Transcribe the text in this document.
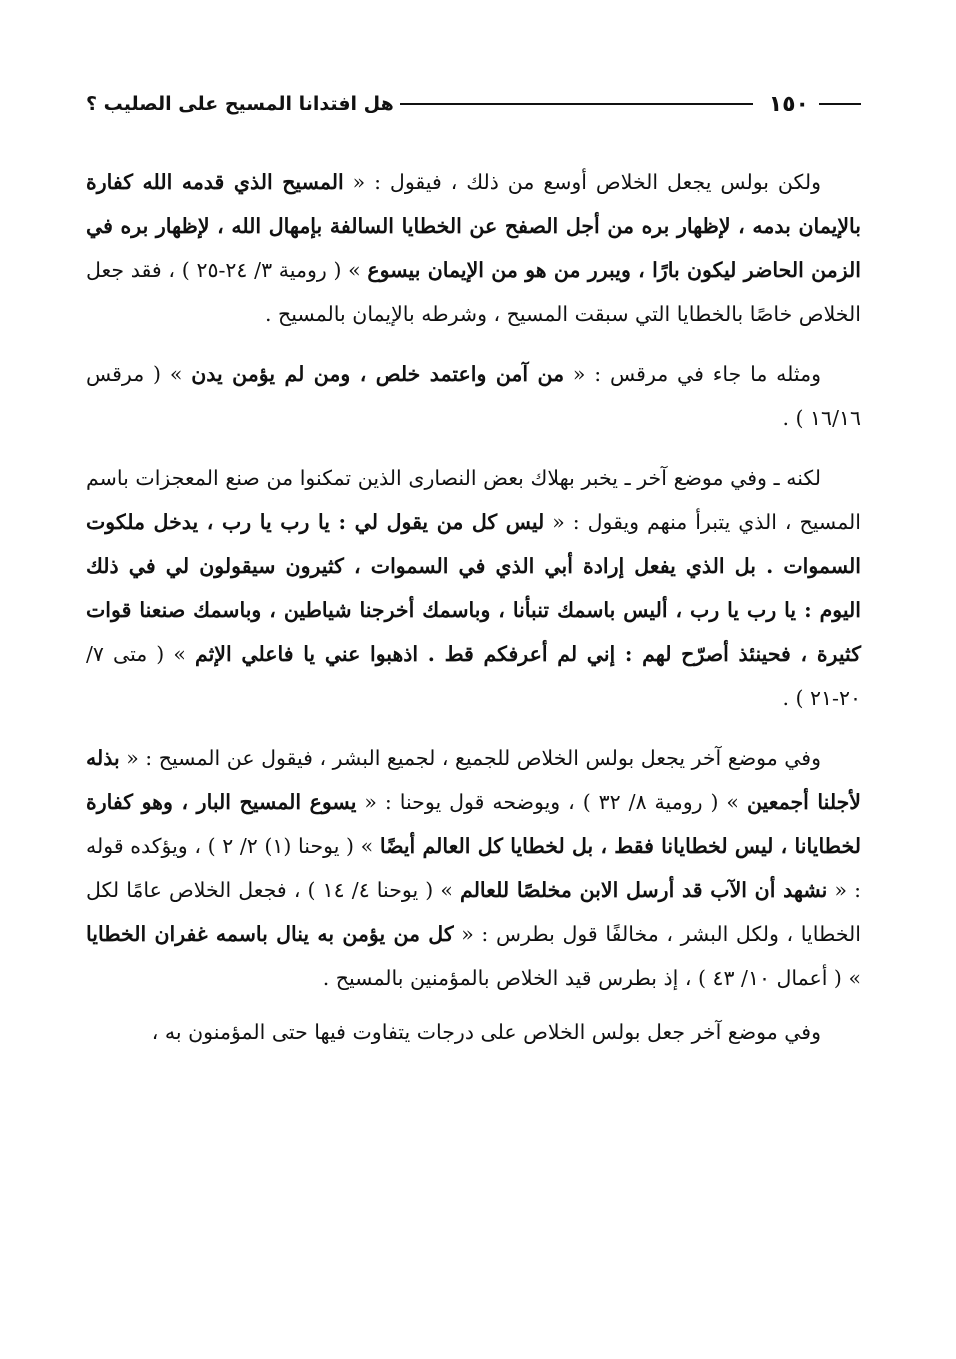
١٥٠
هل افتدانا المسيح على الصليب ؟

ولكن بولس يجعل الخلاص أوسع من ذلك ، فيقول : « المسيح الذي قدمه الله كفارة بالإيمان بدمه ، لإظهار بره من أجل الصفح عن الخطايا السالفة بإمهال الله ، لإظهار بره في الزمن الحاضر ليكون بارًا ، ويبرر من هو من الإيمان بيسوع » ( رومية ٣/ ٢٤-٢٥ ) ، فقد جعل الخلاص خاصًا بالخطايا التي سبقت المسيح ، وشرطه بالإيمان بالمسيح .

ومثله ما جاء في مرقس : « من آمن واعتمد خلص ، ومن لم يؤمن يدن » ( مرقس ١٦/١٦ ) .

لكنه ـ وفي موضع آخر ـ يخبر بهلاك بعض النصارى الذين تمكنوا من صنع المعجزات باسم المسيح ، الذي يتبرأ منهم ويقول : « ليس كل من يقول لي : يا رب يا رب ، يدخل ملكوت السموات . بل الذي يفعل إرادة أبي الذي في السموات ، كثيرون سيقولون لي في ذلك اليوم : يا رب يا رب ، أليس باسمك تنبأنا ، وباسمك أخرجنا شياطين ، وباسمك صنعنا قوات كثيرة ، فحينئذ أصرّح لهم : إني لم أعرفكم قط . اذهبوا عني يا فاعلي الإثم » ( متى ٧/ ٢٠-٢١ ) .

وفي موضع آخر يجعل بولس الخلاص للجميع ، لجميع البشر ، فيقول عن المسيح : « بذله لأجلنا أجمعين » ( رومية ٨/ ٣٢ ) ، ويوضحه قول يوحنا : « يسوع المسيح البار ، وهو كفارة لخطايانا ، ليس لخطايانا فقط ، بل لخطايا كل العالم أيضًا » ( يوحنا (١) ٢/ ٢ ) ، ويؤكده قوله : « نشهد أن الآب قد أرسل الابن مخلصًا للعالم » ( يوحنا ٤/ ١٤ ) ، فجعل الخلاص عامًا لكل الخطايا ، ولكل البشر ، مخالفًا قول بطرس : « كل من يؤمن به ينال باسمه غفران الخطايا » ( أعمال ١٠/ ٤٣ ) ، إذ بطرس قيد الخلاص بالمؤمنين بالمسيح .

وفي موضع آخر جعل بولس الخلاص على درجات يتفاوت فيها حتى المؤمنون به ،
